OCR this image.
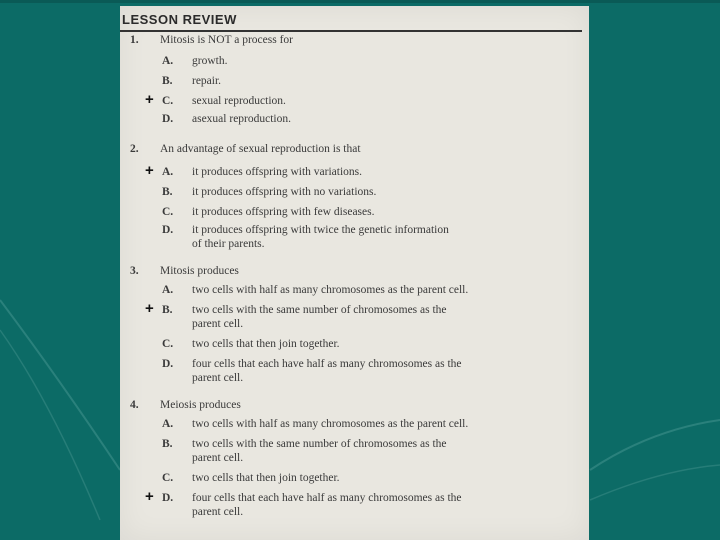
LESSON REVIEW
1. Mitosis is NOT a process for
A. growth.
B. repair.
C. sexual reproduction.
+
D. asexual reproduction.
2. An advantage of sexual reproduction is that
A. it produces offspring with variations.
+
B. it produces offspring with no variations.
C. it produces offspring with few diseases.
D. it produces offspring with twice the genetic information
of their parents.
3. Mitosis produces
A. two cells with half as many chromosomes as the parent cell.
B. two cells with the same number of chromosomes as the
parent cell.
+
C. two cells that then join together.
D. four cells that each have half as many chromosomes as the
parent cell.
4. Meiosis produces
A. two cells with half as many chromosomes as the parent cell.
B. two cells with the same number of chromosomes as the
parent cell.
C. two cells that then join together.
D. four cells that each have half as many chromosomes as the
parent cell.
+
